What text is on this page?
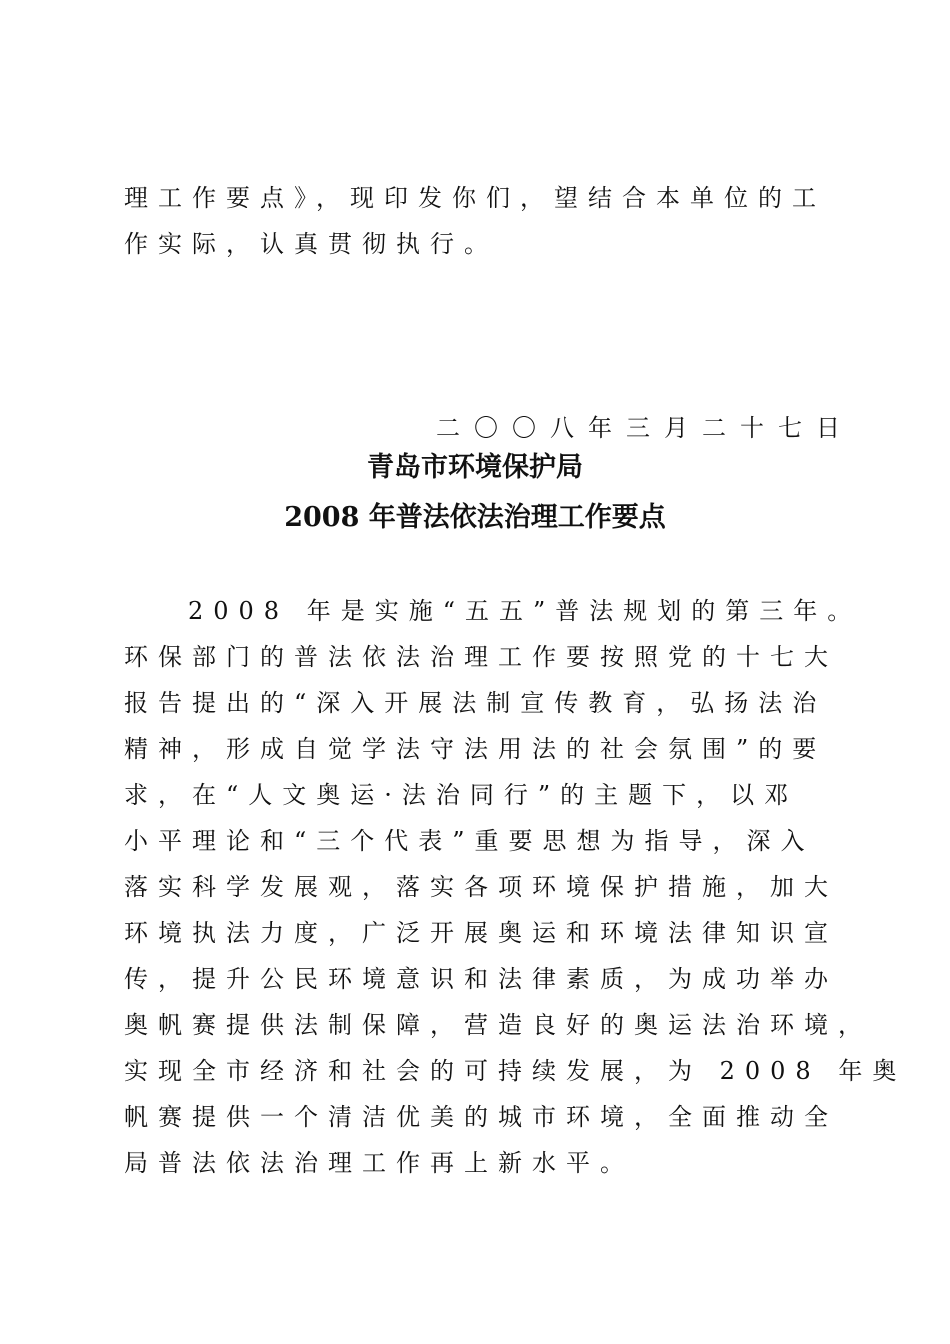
理工作要点》，现印发你们，望结合本单位的工
作实际，认真贯彻执行。
二〇〇八年三月二十七日
青岛市环境保护局
2008 年普法依法治理工作要点
2008 年是实施“五五”普法规划的第三年。
环保部门的普法依法治理工作要按照党的十七大
报告提出的“深入开展法制宣传教育，弘扬法治
精神，形成自觉学法守法用法的社会氛围”的要
求，在“人文奥运·法治同行”的主题下，以邓
小平理论和“三个代表”重要思想为指导，深入
落实科学发展观，落实各项环境保护措施，加大
环境执法力度，广泛开展奥运和环境法律知识宣
传，提升公民环境意识和法律素质，为成功举办
奥帆赛提供法制保障，营造良好的奥运法治环境，
实现全市经济和社会的可持续发展，为 2008 年奥
帆赛提供一个清洁优美的城市环境，全面推动全
局普法依法治理工作再上新水平。
